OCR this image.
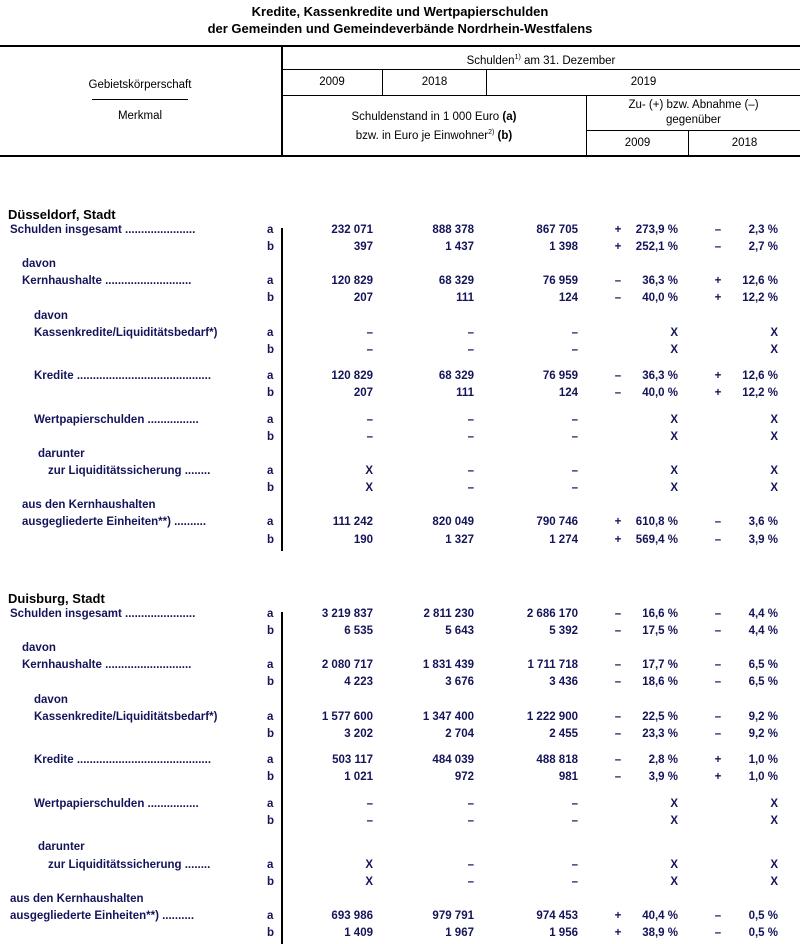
Kredite, Kassenkredite und Wertpapierschulden
der Gemeinden und Gemeindeverbände Nordrhein-Westfalens
Gebietskörperschaft
Merkmal
Schulden$^{1)}$ am 31. Dezember
2009	2018	2019
Schuldenstand in 1 000 Euro (a)
bzw. in Euro je Einwohner$^{2)}$ (b)
Zu- (+) bzw. Abnahme (–)
gegenüber
2009	2018
Düsseldorf, Stadt
Schulden insgesamt ......................	a	232 071	888 378	867 705	+	273,9 %	–	2,3 %
b	397	1 437	1 398	+	252,1 %	–	2,7 %
davon
Kernhaushalte ...........................	a	120 829	68 329	76 959	–	36,3 %	+	12,6 %
b	207	111	124	–	40,0 %	+	12,2 %
davon
Kassenkredite/Liquiditätsbedarf*)	a	–	–	–	X	X
b	–	–	–	X	X
Kredite ..........................................	a	120 829	68 329	76 959	–	36,3 %	+	12,6 %
b	207	111	124	–	40,0 %	+	12,2 %
Wertpapierschulden ................	a	–	–	–	X	X
b	–	–	–	X	X
darunter
zur Liquiditätssicherung ........	a	X	–	–	X	X
b	X	–	–	X	X
aus den Kernhaushalten
ausgegliederte Einheiten**) ..........	a	111 242	820 049	790 746	+	610,8 %	–	3,6 %
b	190	1 327	1 274	+	569,4 %	–	3,9 %
Duisburg, Stadt
Schulden insgesamt ......................	a	3 219 837	2 811 230	2 686 170	–	16,6 %	–	4,4 %
b	6 535	5 643	5 392	–	17,5 %	–	4,4 %
davon
Kernhaushalte ...........................	a	2 080 717	1 831 439	1 711 718	–	17,7 %	–	6,5 %
b	4 223	3 676	3 436	–	18,6 %	–	6,5 %
davon
Kassenkredite/Liquiditätsbedarf*)	a	1 577 600	1 347 400	1 222 900	–	22,5 %	–	9,2 %
b	3 202	2 704	2 455	–	23,3 %	–	9,2 %
Kredite ..........................................	a	503 117	484 039	488 818	–	2,8 %	+	1,0 %
b	1 021	972	981	–	3,9 %	+	1,0 %
Wertpapierschulden ................	a	–	–	–	X	X
b	–	–	–	X	X
darunter
zur Liquiditätssicherung ........	a	X	–	–	X	X
b	X	–	–	X	X
aus den Kernhaushalten
ausgegliederte Einheiten**) ..........	a	693 986	979 791	974 453	+	40,4 %	–	0,5 %
b	1 409	1 967	1 956	+	38,9 %	–	0,5 %
